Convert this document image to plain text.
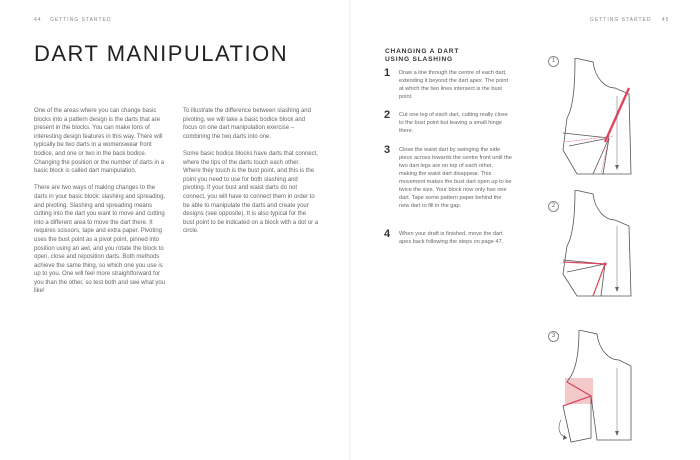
44 GETTING STARTED
DART MANIPULATION

One of the areas where you can change basic blocks into a pattern design is the darts that are present in the blocks. You can make tons of interesting design features in this way. There will typically be two darts in a womenswear front bodice, and one or two in the back bodice. Changing the position or the number of darts in a basic block is called dart manipulation.

There are two ways of making changes to the darts in your basic block: slashing and spreading, and pivoting. Slashing and spreading means cutting into the dart you want to move and cutting into a different area to move the dart there. It requires scissors, tape and extra paper. Pivoting uses the bust point as a pivot point, pinned into position using an awl, and you rotate the block to open, close and reposition darts. Both methods achieve the same thing, so which one you use is up to you. One will feel more straightforward for you than the other, so test both and see what you like!

To illustrate the difference between slashing and pivoting, we will take a basic bodice block and focus on one dart manipulation exercise – combining the two darts into one.

Some basic bodice blocks have darts that connect, where the tips of the darts touch each other. Where they touch is the bust point, and this is the point you need to use for both slashing and pivoting. If your bust and waist darts do not connect, you will have to connect them in order to be able to manipulate the darts and create your designs (see opposite). It is also typical for the bust point to be indicated on a block with a dot or a circle.

GETTING STARTED 45
CHANGING A DART
USING SLASHING
1 Draw a line through the centre of each dart, extending it beyond the dart apex. The point at which the two lines intersect is the bust point.
2 Cut one leg of each dart, cutting really close to the bust point but leaving a small hinge there.
3 Close the waist dart by swinging the side piece across towards the centre front until the two dart legs are on top of each other, making the waist dart disappear. This movement makes the bust dart open up to be twice the size. Your block now only has one dart. Tape some pattern paper behind the new dart to fill in the gap.
4 When your draft is finished, move the dart apex back following the steps on page 47.
1
2
3
